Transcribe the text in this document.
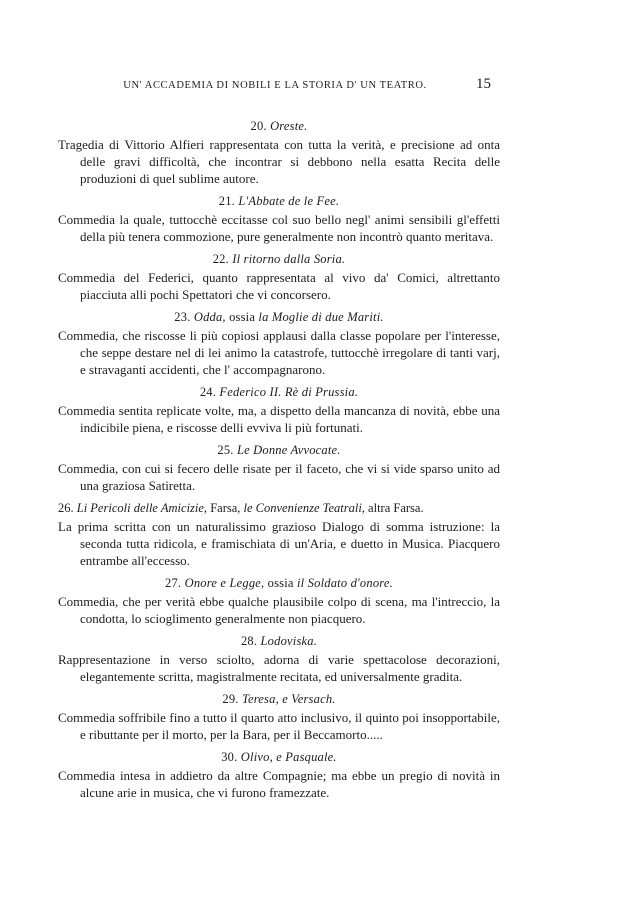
UN' ACCADEMIA DI NOBILI E LA STORIA D' UN TEATRO.	15
20. Oreste.

Tragedia di Vittorio Alfieri rappresentata con tutta la verità, e precisione ad onta delle gravi difficoltà, che incontrar si debbono nella esatta Recita delle produzioni di quel sublime autore.

21. L'Abbate de le Fee.

Commedia la quale, tuttocchè eccitasse col suo bello negl' animi sensibili gl'effetti della più tenera commozione, pure generalmente non incontrò quanto meritava.

22. Il ritorno dalla Soria.

Commedia del Federici, quanto rappresentata al vivo da' Comici, altrettanto piacciuta alli pochi Spettatori che vi concorsero.

23. Odda, ossia la Moglie di due Mariti.

Commedia, che riscosse li più copiosi applausi dalla classe popolare per l'interesse, che seppe destare nel di lei animo la catastrofe, tuttocchè irregolare di tanti varj, e stravaganti accidenti, che l' accompagnarono.

24. Federico II. Rè di Prussia.

Commedia sentita replicate volte, ma, a dispetto della mancanza di novità, ebbe una indicibile piena, e riscosse delli evviva li più fortunati.

25. Le Donne Avvocate.

Commedia, con cui si fecero delle risate per il faceto, che vi si vide sparso unito ad una graziosa Satiretta.

26. Li Pericoli delle Amicizie, Farsa, le Convenienze Teatrali, altra Farsa.

La prima scritta con un naturalissimo grazioso Dialogo di somma istruzione: la seconda tutta ridicola, e framischiata di un'Aria, e duetto in Musica. Piacquero entrambe all'eccesso.

27. Onore e Legge, ossia il Soldato d'onore.

Commedia, che per verità ebbe qualche plausibile colpo di scena, ma l'intreccio, la condotta, lo scioglimento generalmente non piacquero.

28. Lodoviska.

Rappresentazione in verso sciolto, adorna di varie spettacolose decorazioni, elegantemente scritta, magistralmente recitata, ed universalmente gradita.

29. Teresa, e Versach.

Commedia soffribile fino a tutto il quarto atto inclusivo, il quinto poi insopportabile, e ributtante per il morto, per la Bara, per il Beccamorto.....

30. Olivo, e Pasquale.

Commedia intesa in addietro da altre Compagnie; ma ebbe un pregio di novità in alcune arie in musica, che vi furono framezzate.
